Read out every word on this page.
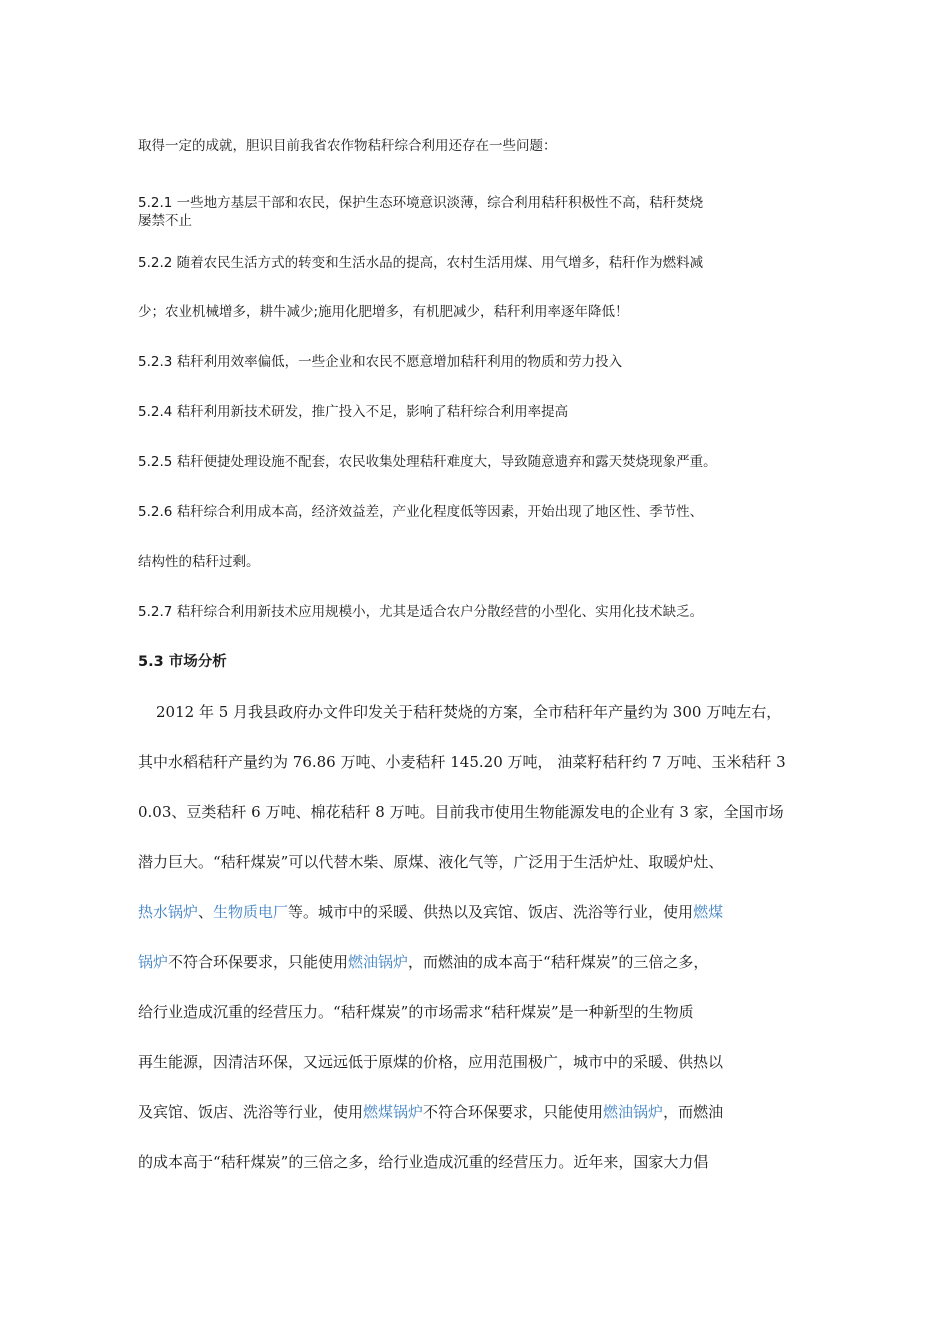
取得一定的成就，胆识目前我省农作物秸秆综合利用还存在一些问题：

5.2.1 一些地方基层干部和农民，保护生态环境意识淡薄，综合利用秸秆积极性不高，秸秆焚烧

屡禁不止

5.2.2 随着农民生活方式的转变和生活水品的提高，农村生活用煤、用气增多，秸秆作为燃料减

少；农业机械增多，耕牛减少;施用化肥增多，有机肥减少，秸秆利用率逐年降低！

5.2.3 秸秆利用效率偏低，一些企业和农民不愿意增加秸秆利用的物质和劳力投入

5.2.4 秸秆利用新技术研发，推广投入不足，影响了秸秆综合利用率提高

5.2.5 秸秆便捷处理设施不配套，农民收集处理秸秆难度大，导致随意遗弃和露天焚烧现象严重。

5.2.6 秸秆综合利用成本高，经济效益差，产业化程度低等因素，开始出现了地区性、季节性、

结构性的秸秆过剩。

5.2.7 秸秆综合利用新技术应用规模小，尤其是适合农户分散经营的小型化、实用化技术缺乏。

5.3 市场分析

2012 年 5 月我县政府办文件印发关于秸秆焚烧的方案，全市秸秆年产量约为 300 万吨左右，

其中水稻秸秆产量约为 76.86 万吨、小麦秸秆 145.20 万吨， 油菜籽秸秆约 7 万吨、玉米秸秆 3

0.03、豆类秸秆 6 万吨、棉花秸秆 8 万吨。目前我市使用生物能源发电的企业有 3 家，全国市场

潜力巨大。“秸秆煤炭”可以代替木柴、原煤、液化气等，广泛用于生活炉灶、取暖炉灶、

热水锅炉、生物质电厂等。城市中的采暖、供热以及宾馆、饭店、洗浴等行业，使用燃煤

锅炉不符合环保要求，只能使用燃油锅炉，而燃油的成本高于“秸秆煤炭”的三倍之多，

给行业造成沉重的经营压力。“秸秆煤炭”的市场需求“秸秆煤炭”是一种新型的生物质

再生能源，因清洁环保，又远远低于原煤的价格，应用范围极广，城市中的采暖、供热以

及宾馆、饭店、洗浴等行业，使用燃煤锅炉不符合环保要求，只能使用燃油锅炉，而燃油

的成本高于“秸秆煤炭”的三倍之多，给行业造成沉重的经营压力。近年来，国家大力倡
